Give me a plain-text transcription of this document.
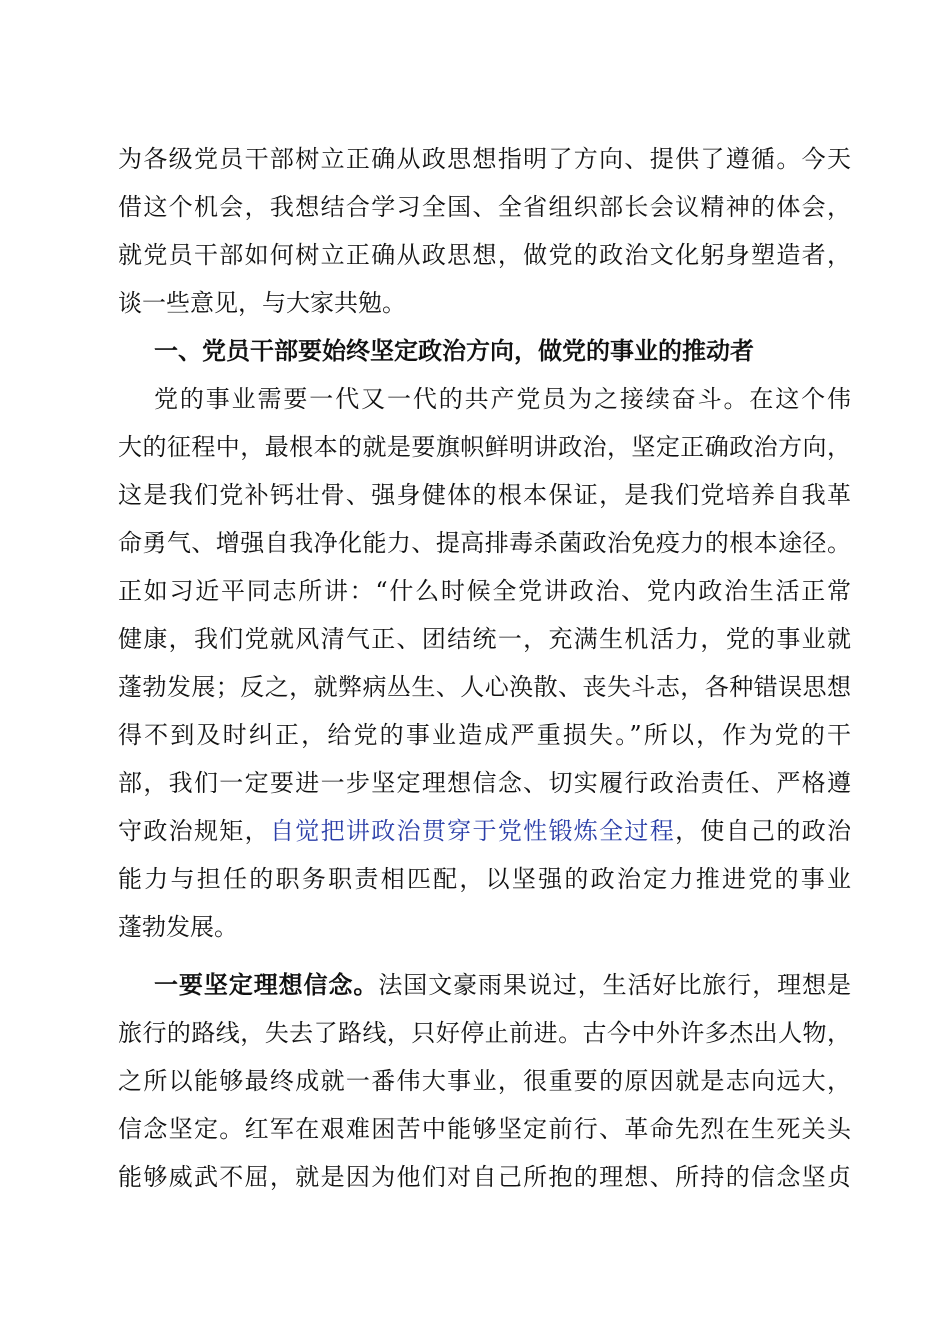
为各级党员干部树立正确从政思想指明了方向、提供了遵循。今天
借这个机会，我想结合学习全国、全省组织部长会议精神的体会，
就党员干部如何树立正确从政思想，做党的政治文化躬身塑造者，
谈一些意见，与大家共勉。
一、党员干部要始终坚定政治方向，做党的事业的推动者
党的事业需要一代又一代的共产党员为之接续奋斗。在这个伟
大的征程中，最根本的就是要旗帜鲜明讲政治，坚定正确政治方向，
这是我们党补钙壮骨、强身健体的根本保证，是我们党培养自我革
命勇气、增强自我净化能力、提高排毒杀菌政治免疫力的根本途径。
正如习近平同志所讲：“什么时候全党讲政治、党内政治生活正常
健康，我们党就风清气正、团结统一，充满生机活力，党的事业就
蓬勃发展；反之，就弊病丛生、人心涣散、丧失斗志，各种错误思想
得不到及时纠正，给党的事业造成严重损失。”所以，作为党的干
部，我们一定要进一步坚定理想信念、切实履行政治责任、严格遵
守政治规矩，自觉把讲政治贯穿于党性锻炼全过程，使自己的政治
能力与担任的职务职责相匹配，以坚强的政治定力推进党的事业
蓬勃发展。
一要坚定理想信念。法国文豪雨果说过，生活好比旅行，理想是
旅行的路线，失去了路线，只好停止前进。古今中外许多杰出人物，
之所以能够最终成就一番伟大事业，很重要的原因就是志向远大，
信念坚定。红军在艰难困苦中能够坚定前行、革命先烈在生死关头
能够威武不屈，就是因为他们对自己所抱的理想、所持的信念坚贞
